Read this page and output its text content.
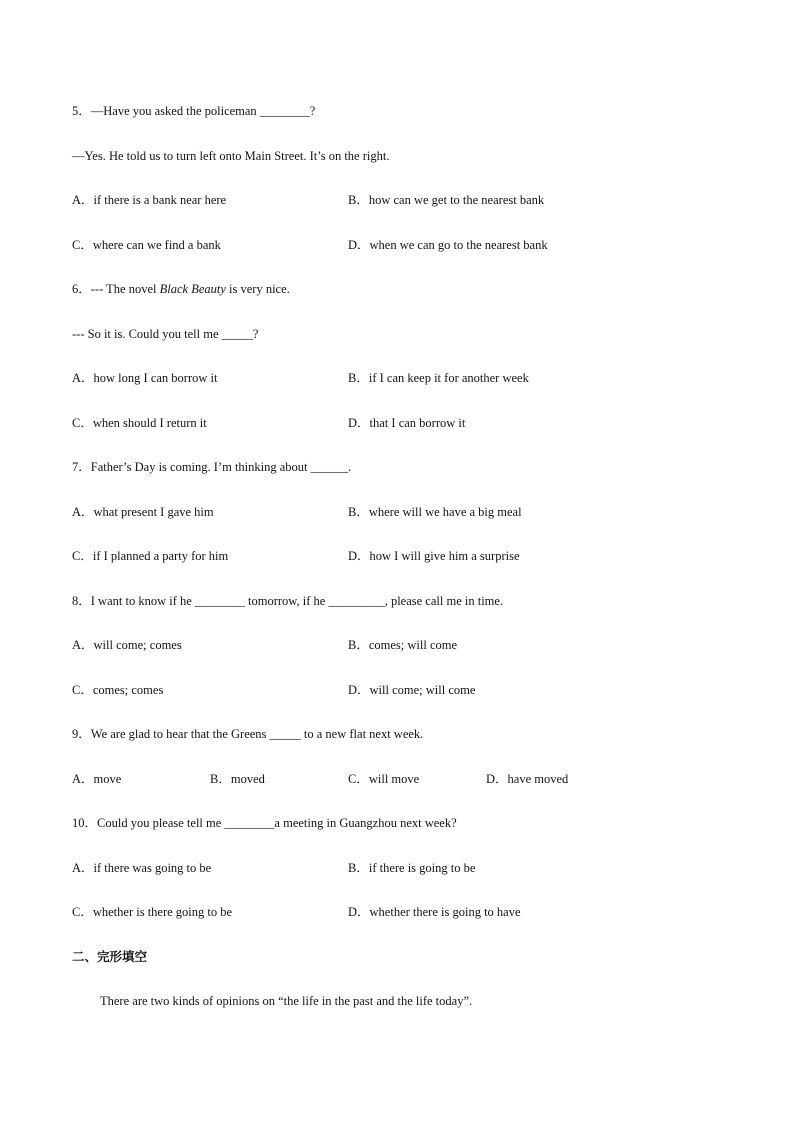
5．—Have you asked the policeman ________?
—Yes. He told us to turn left onto Main Street. It’s on the right.
A．if there is a bank near here	B．how can we get to the nearest bank
C．where can we find a bank	D．when we can go to the nearest bank
6．--- The novel Black Beauty is very nice.
--- So it is. Could you tell me _____?
A．how long I can borrow it	B．if I can keep it for another week
C．when should I return it	D．that I can borrow it
7．Father’s Day is coming. I’m thinking about ______.
A．what present I gave him	B．where will we have a big meal
C．if I planned a party for him	D．how I will give him a surprise
8．I want to know if he ________ tomorrow, if he _________, please call me in time.
A．will come; comes	B．comes; will come
C．comes; comes	D．will come; will come
9．We are glad to hear that the Greens _____ to a new flat next week.
A．move	B．moved	C．will move	D．have moved
10．Could you please tell me ________a meeting in Guangzhou next week?
A．if there was going to be	B．if there is going to be
C．whether is there going to be	D．whether there is going to have
二、完形填空
There are two kinds of opinions on “the life in the past and the life today”.
